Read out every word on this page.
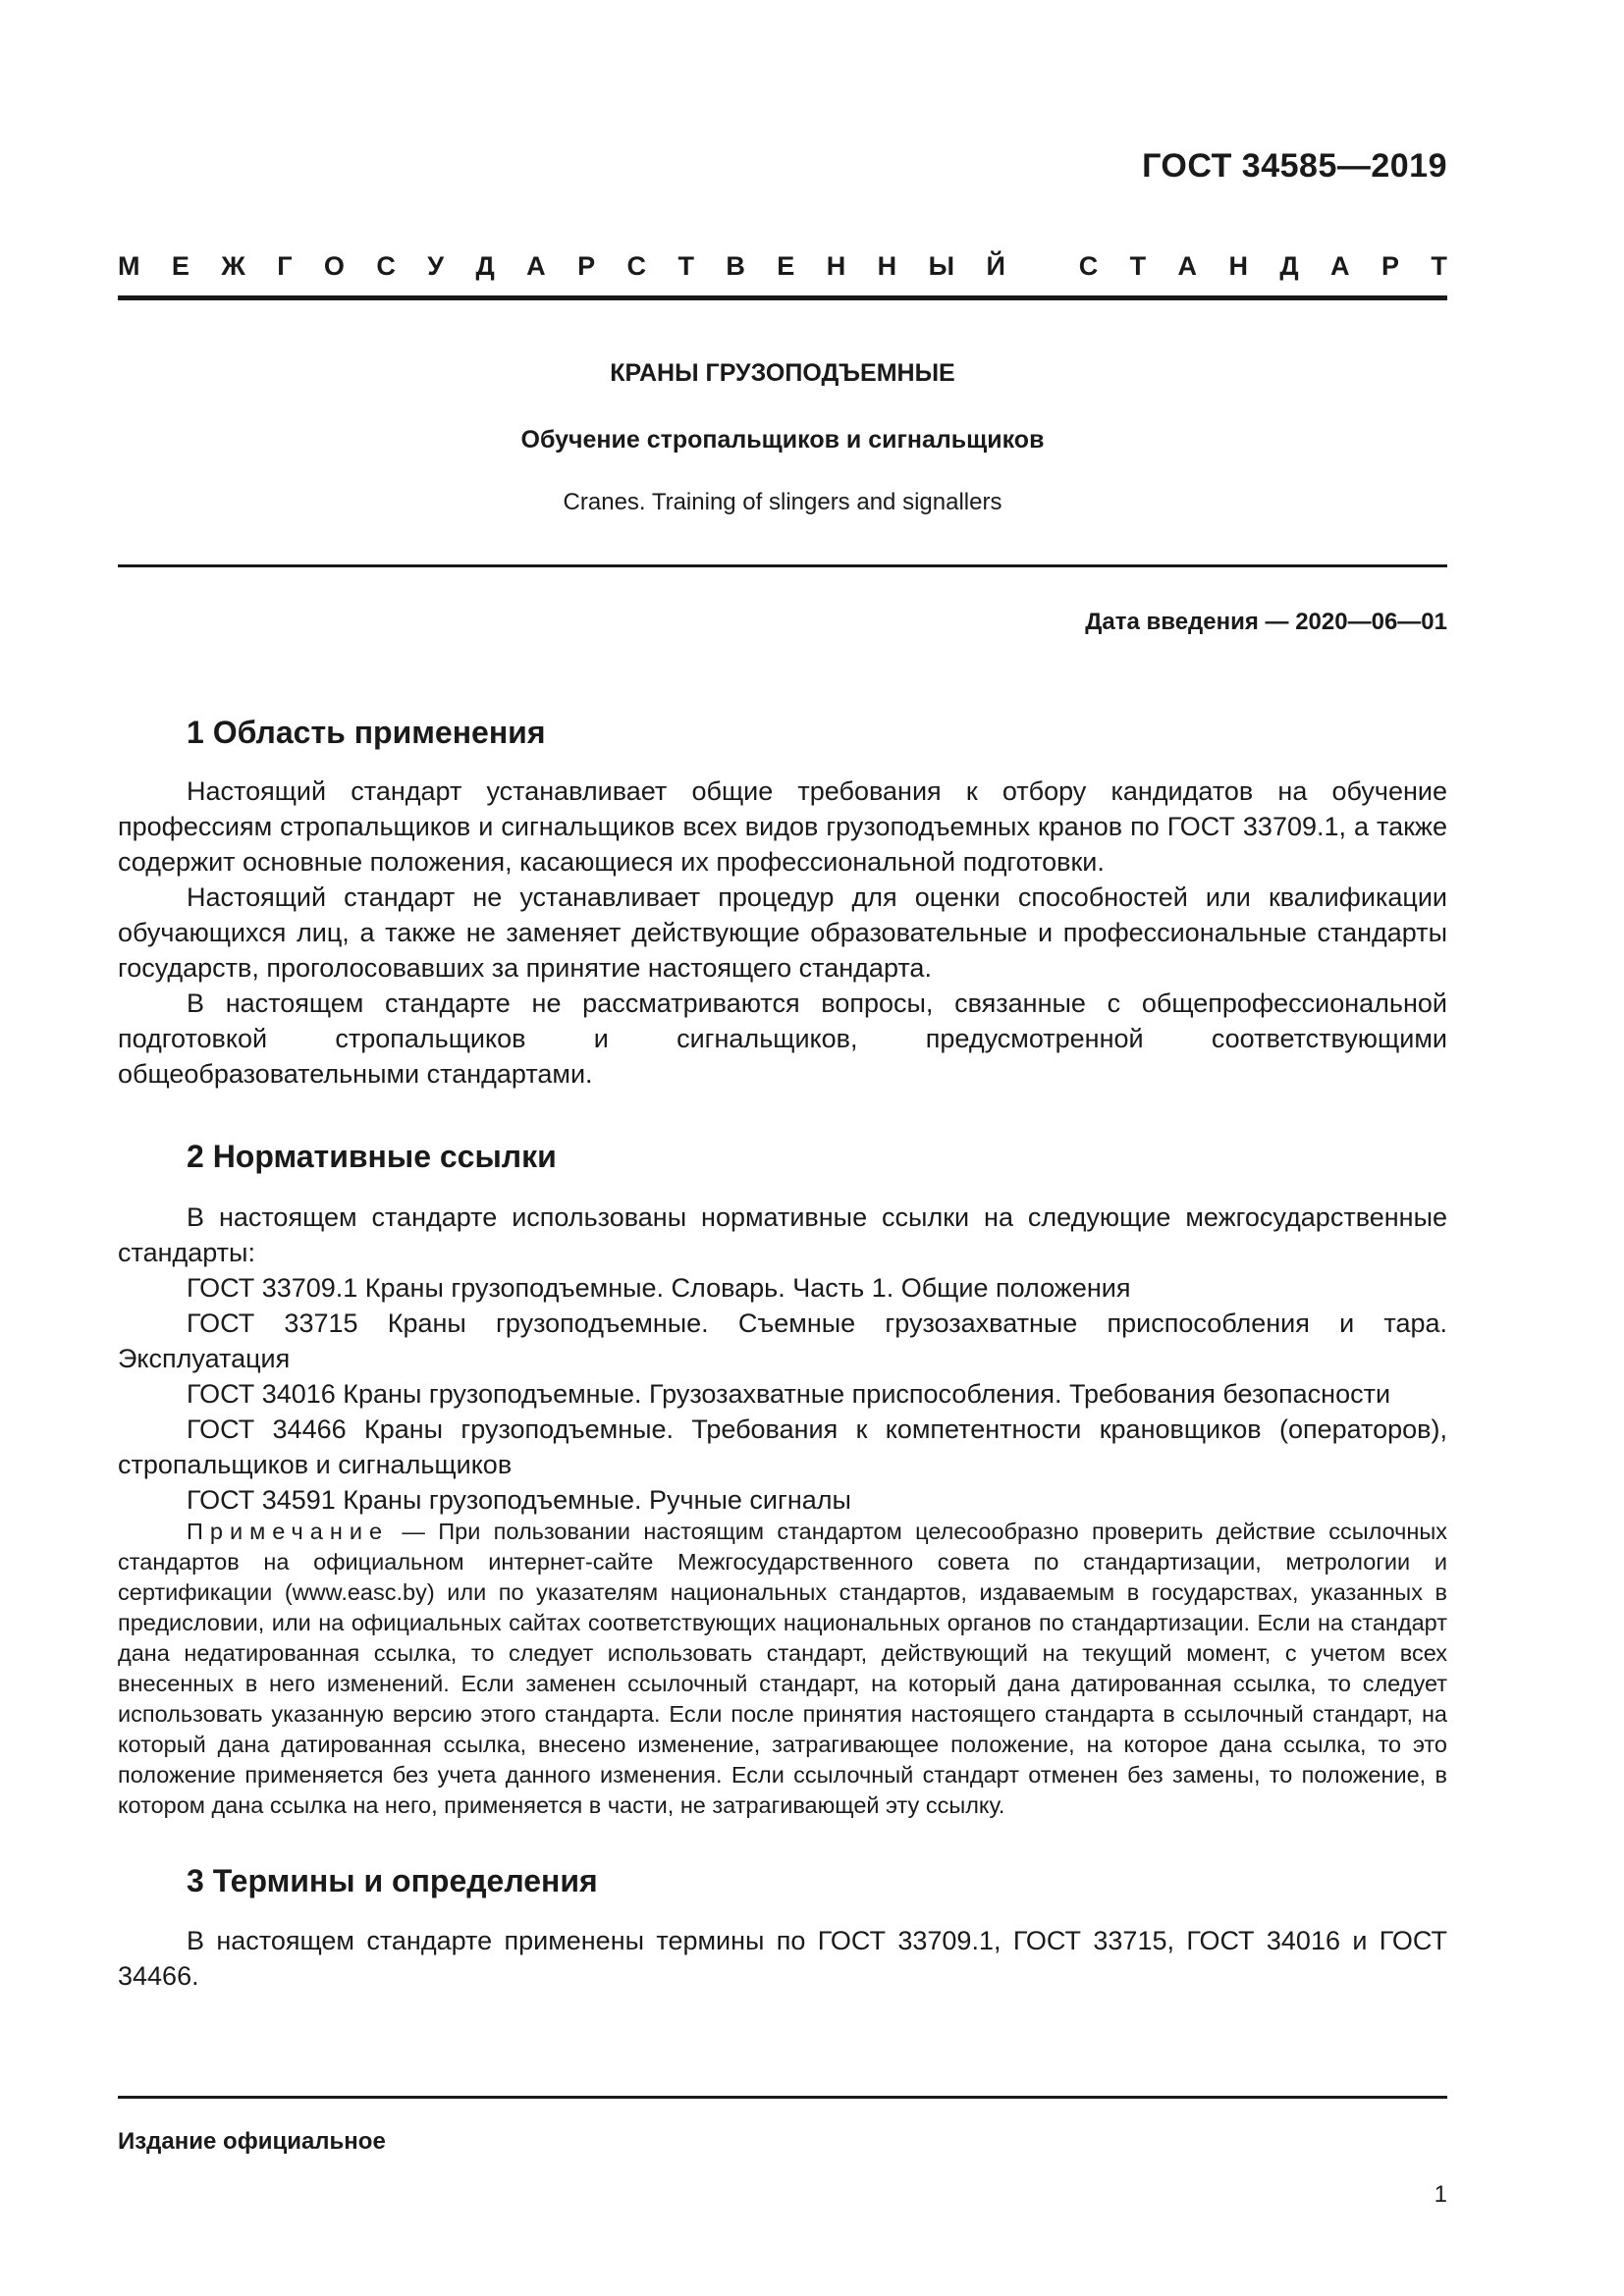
ГОСТ 34585—2019
М Е Ж Г О С У Д А Р С Т В Е Н Н Ы Й	С Т А Н Д А Р Т
КРАНЫ ГРУЗОПОДЪЕМНЫЕ
Обучение стропальщиков и сигнальщиков
Cranes. Training of slingers and signallers
Дата введения — 2020—06—01
1 Область применения

Настоящий стандарт устанавливает общие требования к отбору кандидатов на обучение профессиям стропальщиков и сигнальщиков всех видов грузоподъемных кранов по ГОСТ 33709.1, а также содержит основные положения, касающиеся их профессиональной подготовки.

Настоящий стандарт не устанавливает процедур для оценки способностей или квалификации обучающихся лиц, а также не заменяет действующие образовательные и профессиональные стандарты государств, проголосовавших за принятие настоящего стандарта.

В настоящем стандарте не рассматриваются вопросы, связанные с общепрофессиональной подготовкой стропальщиков и сигнальщиков, предусмотренной соответствующими общеобразовательными стандартами.

2 Нормативные ссылки

В настоящем стандарте использованы нормативные ссылки на следующие межгосударственные стандарты:

ГОСТ 33709.1 Краны грузоподъемные. Словарь. Часть 1. Общие положения
ГОСТ 33715 Краны грузоподъемные. Съемные грузозахватные приспособления и тара. Эксплуатация
ГОСТ 34016 Краны грузоподъемные. Грузозахватные приспособления. Требования безопасности
ГОСТ 34466 Краны грузоподъемные. Требования к компетентности крановщиков (операторов), стропальщиков и сигнальщиков
ГОСТ 34591 Краны грузоподъемные. Ручные сигналы
Примечание — При пользовании настоящим стандартом целесообразно проверить действие ссылочных стандартов на официальном интернет-сайте Межгосударственного совета по стандартизации, метрологии и сертификации (www.easc.by) или по указателям национальных стандартов, издаваемым в государствах, указанных в предисловии, или на официальных сайтах соответствующих национальных органов по стандартизации. Если на стандарт дана недатированная ссылка, то следует использовать стандарт, действующий на текущий момент, с учетом всех внесенных в него изменений. Если заменен ссылочный стандарт, на который дана датированная ссылка, то следует использовать указанную версию этого стандарта. Если после принятия настоящего стандарта в ссылочный стандарт, на который дана датированная ссылка, внесено изменение, затрагивающее положение, на которое дана ссылка, то это положение применяется без учета данного изменения. Если ссылочный стандарт отменен без замены, то положение, в котором дана ссылка на него, применяется в части, не затрагивающей эту ссылку.
3 Термины и определения

В настоящем стандарте применены термины по ГОСТ 33709.1, ГОСТ 33715, ГОСТ 34016 и ГОСТ 34466.

Издание официальное
1
